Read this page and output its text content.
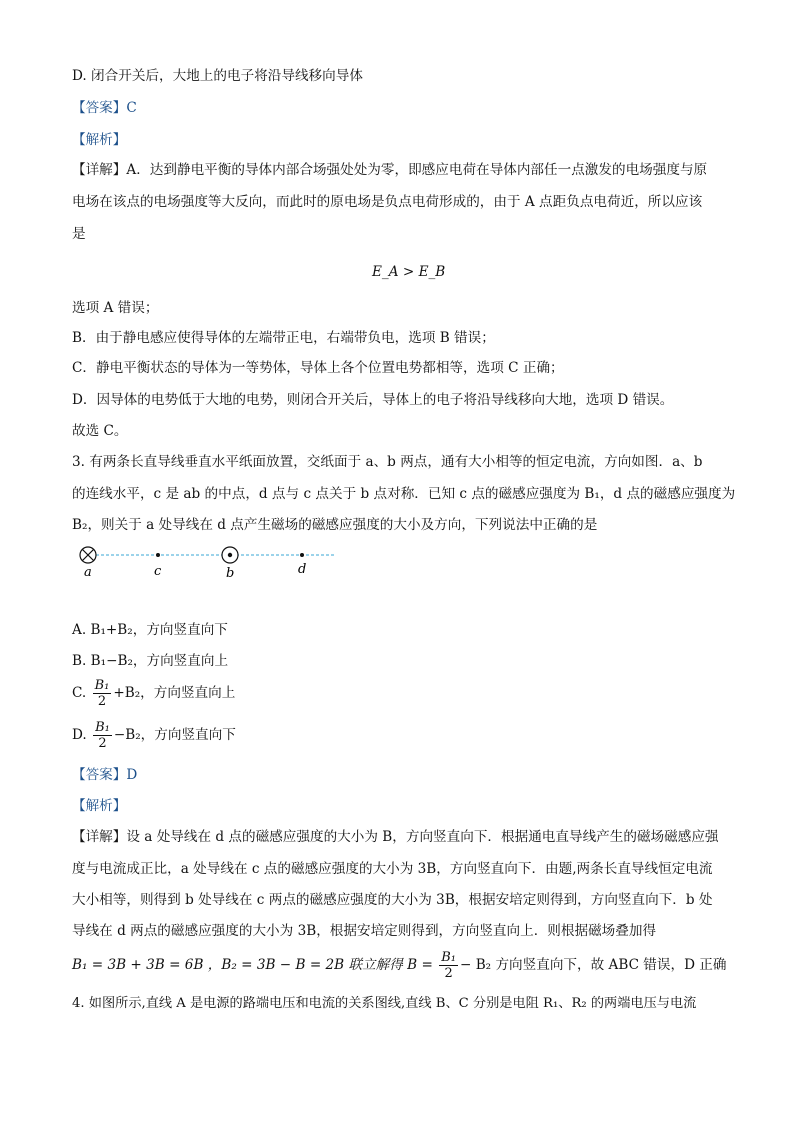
D. 闭合开关后，大地上的电子将沿导线移向导体
【答案】C
【解析】
【详解】A．达到静电平衡的导体内部合场强处处为零，即感应电荷在导体内部任一点激发的电场强度与原
电场在该点的电场强度等大反向，而此时的原电场是负点电荷形成的，由于 A 点距负点电荷近，所以应该
是
E_A > E_B
选项 A 错误；
B．由于静电感应使得导体的左端带正电，右端带负电，选项 B 错误；
C．静电平衡状态的导体为一等势体，导体上各个位置电势都相等，选项 C 正确；
D．因导体的电势低于大地的电势，则闭合开关后，导体上的电子将沿导线移向大地，选项 D 错误。
故选 C。
3. 有两条长直导线垂直水平纸面放置，交纸面于 a、b 两点，通有大小相等的恒定电流，方向如图．a、b
的连线水平，c 是 ab 的中点，d 点与 c 点关于 b 点对称．已知 c 点的磁感应强度为 B₁，d 点的磁感应强度为
B₂，则关于 a 处导线在 d 点产生磁场的磁感应强度的大小及方向，下列说法中正确的是
a	c	b	d
A. B₁+B₂，方向竖直向下
B. B₁−B₂，方向竖直向上
C. $\frac{\text{B₁}}{2} +B_2$，方向竖直向上
D. $\frac{\text{B₁}}{2} -B_2$，方向竖直向下
【答案】D
【解析】
【详解】设 a 处导线在 d 点的磁感应强度的大小为 B，方向竖直向下．根据通电直导线产生的磁场磁感应强
度与电流成正比，a 处导线在 c 点的磁感应强度的大小为 3B，方向竖直向下．由题,两条长直导线恒定电流
大小相等，则得到 b 处导线在 c 两点的磁感应强度的大小为 3B，根据安培定则得到，方向竖直向下．b 处
导线在 d 两点的磁感应强度的大小为 3B，根据安培定则得到，方向竖直向上．则根据磁场叠加得
B₁ = 3B + 3B = 6B ，B₂ = 3B − B = 2B 联立解得 $B = \frac{\text{B₁}}{2} - B_2$ 方向竖直向下，故 ABC 错误，D 正确
4. 如图所示,直线 A 是电源的路端电压和电流的关系图线,直线 B、C 分别是电阻 R₁、R₂ 的两端电压与电流
